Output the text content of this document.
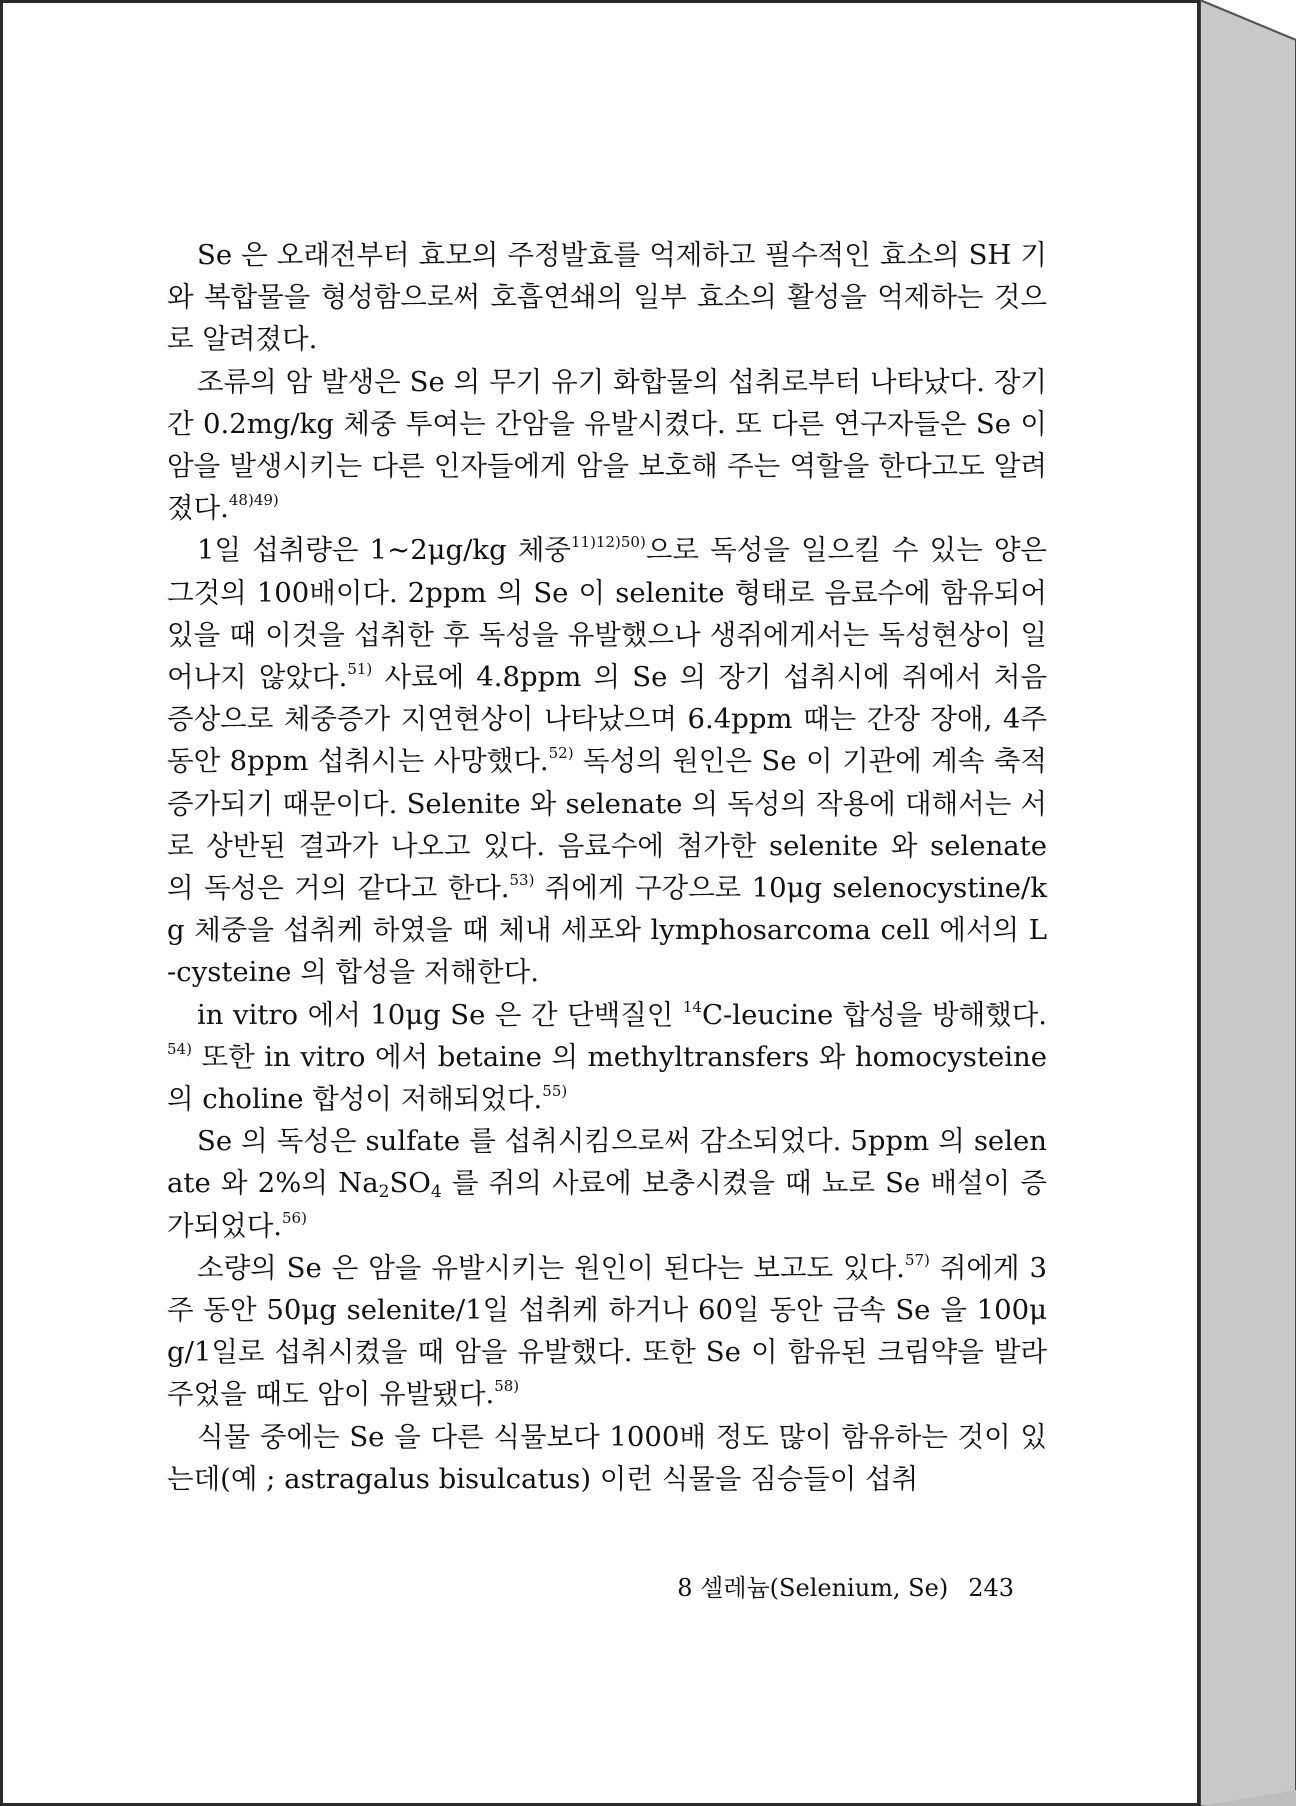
Se 은 오래전부터 효모의 주정발효를 억제하고 필수적인 효소의 SH 기와 복합물을 형성함으로써 호흡연쇄의 일부 효소의 활성을 억제하는 것으로 알려졌다.

조류의 암 발생은 Se 의 무기 유기 화합물의 섭취로부터 나타났다. 장기간 0.2mg/kg 체중 투여는 간암을 유발시켰다. 또 다른 연구자들은 Se 이 암을 발생시키는 다른 인자들에게 암을 보호해 주는 역할을 한다고도 알려졌다.$^{48)49)}$

1일 섭취량은 1∼2μg/kg 체중$^{11)12)50)}$으로 독성을 일으킬 수 있는 양은 그것의 100배이다. 2ppm 의 Se 이 selenite 형태로 음료수에 함유되어 있을 때 이것을 섭취한 후 독성을 유발했으나 생쥐에게서는 독성현상이 일어나지 않았다.$^{51)}$ 사료에 4.8ppm 의 Se 의 장기 섭취시에 쥐에서 처음 증상으로 체중증가 지연현상이 나타났으며 6.4ppm 때는 간장 장애, 4주 동안 8ppm 섭취시는 사망했다.$^{52)}$ 독성의 원인은 Se 이 기관에 계속 축적 증가되기 때문이다. Selenite 와 selenate 의 독성의 작용에 대해서는 서로 상반된 결과가 나오고 있다. 음료수에 첨가한 selenite 와 selenate 의 독성은 거의 같다고 한다.$^{53)}$ 쥐에게 구강으로 10μg selenocystine/kg 체중을 섭취케 하였을 때 체내 세포와 lymphosarcoma cell 에서의 L-cysteine 의 합성을 저해한다.

in vitro 에서 10μg Se 은 간 단백질인 $^{14}$C-leucine 합성을 방해했다.$^{54)}$ 또한 in vitro 에서 betaine 의 methyltransfers 와 homocysteine 의 choline 합성이 저해되었다.$^{55)}$

Se 의 독성은 sulfate 를 섭취시킴으로써 감소되었다. 5ppm 의 selenate 와 2%의 $Na_2SO_4$ 를 쥐의 사료에 보충시켰을 때 뇨로 Se 배설이 증가되었다.$^{56)}$

소량의 Se 은 암을 유발시키는 원인이 된다는 보고도 있다.$^{57)}$ 쥐에게 3주 동안 50μg selenite/1일 섭취케 하거나 60일 동안 금속 Se 을 100μg/1일로 섭취시켰을 때 암을 유발했다. 또한 Se 이 함유된 크림약을 발라 주었을 때도 암이 유발됐다.$^{58)}$

식물 중에는 Se 을 다른 식물보다 1000배 정도 많이 함유하는 것이 있는데(예 ; astragalus bisulcatus) 이런 식물을 짐승들이 섭취

8 셀레늄(Selenium, Se) 243
